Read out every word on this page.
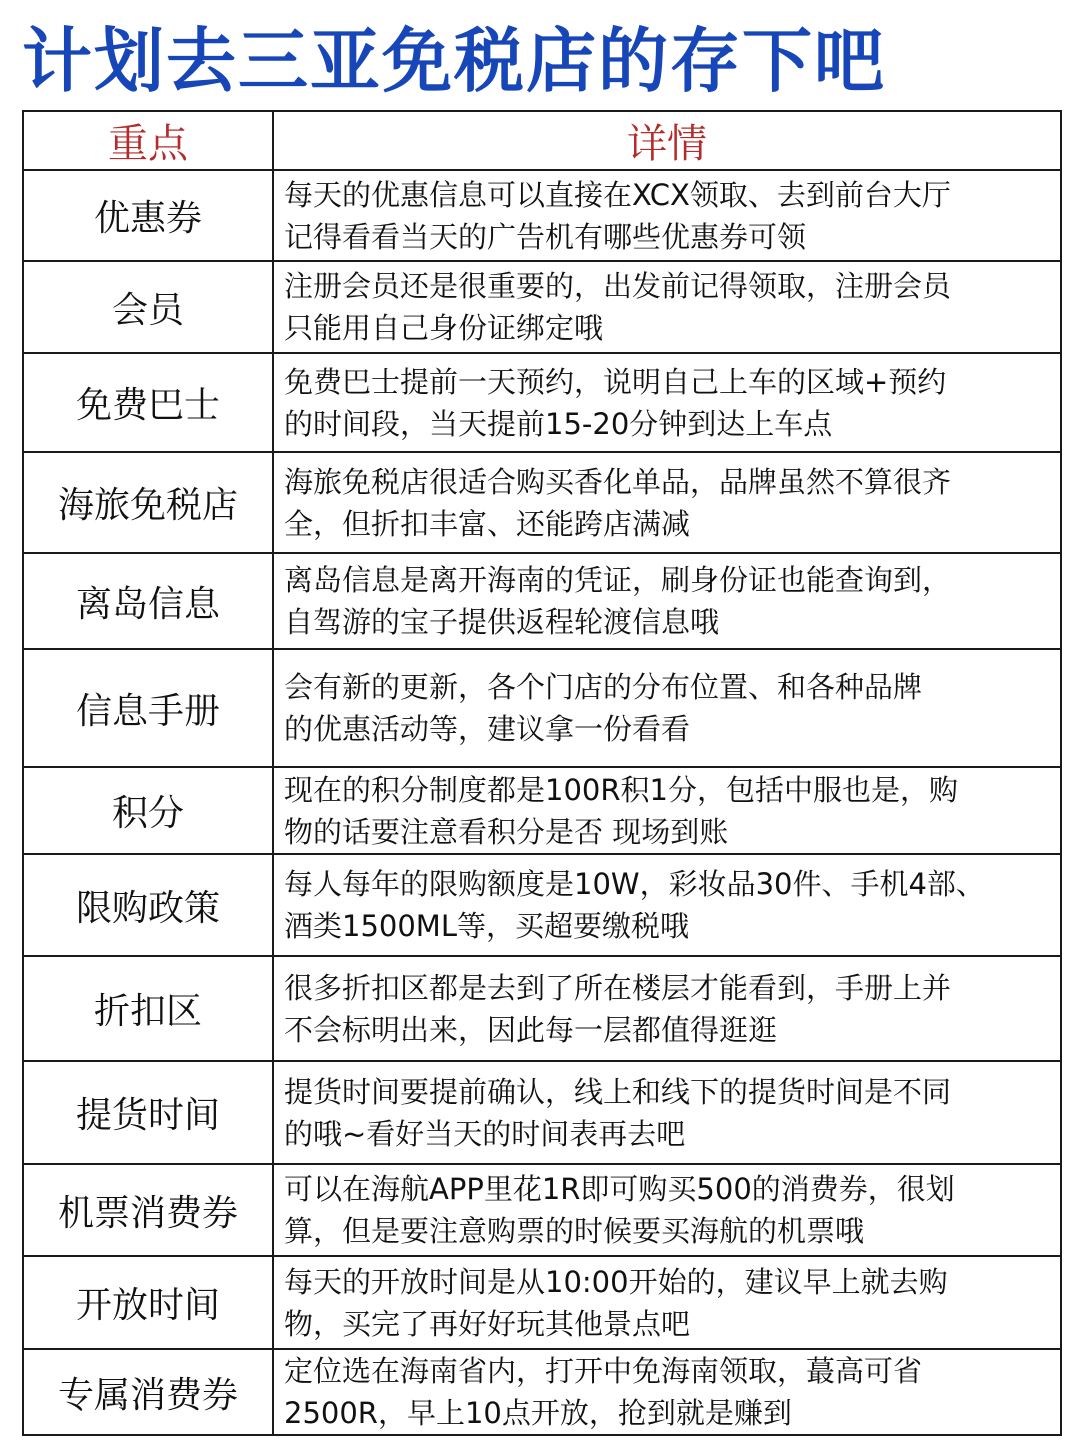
计划去三亚免税店的存下吧
重点	详情
优惠券	每天的优惠信息可以直接在XCX领取、去到前台大厅
记得看看当天的广告机有哪些优惠券可领
会员	注册会员还是很重要的，出发前记得领取，注册会员
只能用自己身份证绑定哦
免费巴士	免费巴士提前一天预约，说明自己上车的区域+预约
的时间段，当天提前15-20分钟到达上车点
海旅免税店	海旅免税店很适合购买香化单品，品牌虽然不算很齐
全，但折扣丰富、还能跨店满减
离岛信息	离岛信息是离开海南的凭证，刷身份证也能查询到，
自驾游的宝子提供返程轮渡信息哦
信息手册	会有新的更新，各个门店的分布位置、和各种品牌
的优惠活动等，建议拿一份看看
积分	现在的积分制度都是100R积1分，包括中服也是，购
物的话要注意看积分是否 现场到账
限购政策	每人每年的限购额度是10W，彩妆品30件、手机4部、
酒类1500ML等，买超要缴税哦
折扣区	很多折扣区都是去到了所在楼层才能看到，手册上并
不会标明出来，因此每一层都值得逛逛
提货时间	提货时间要提前确认，线上和线下的提货时间是不同
的哦~看好当天的时间表再去吧
机票消费券	可以在海航APP里花1R即可购买500的消费券，很划
算，但是要注意购票的时候要买海航的机票哦
开放时间	每天的开放时间是从10:00开始的，建议早上就去购
物，买完了再好好玩其他景点吧
专属消费券	定位选在海南省内，打开中免海南领取，蕞高可省
2500R，早上10点开放，抢到就是赚到
